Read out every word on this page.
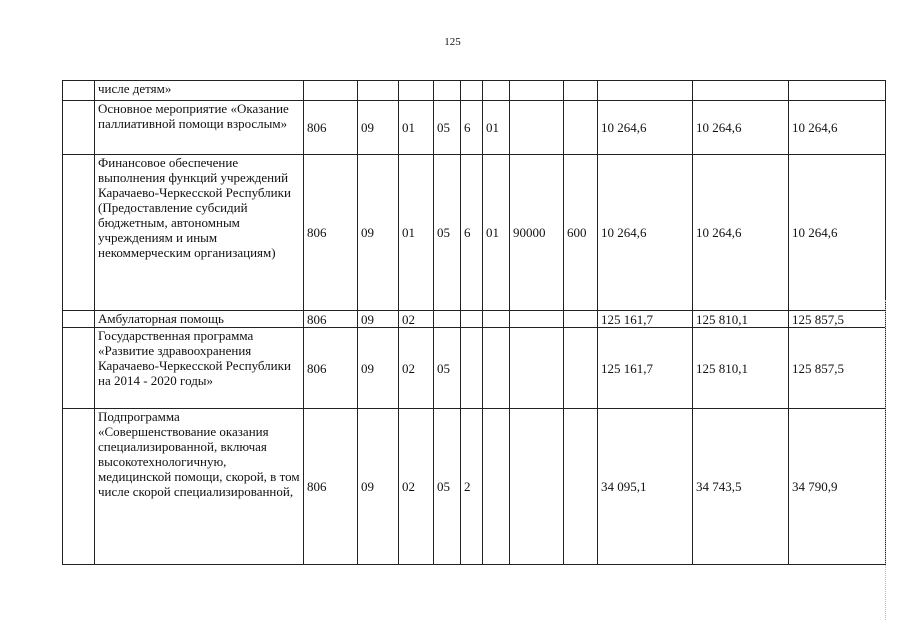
125
	числе детям»											
	Основное мероприятие «Оказание паллиативной помощи взрослым»	806	09	01	05	6	01			10 264,6	10 264,6	10 264,6
	Финансовое обеспечение выполнения функций учреждений Карачаево-Черкесской Республики (Предоставление субсидий бюджетным, автономным учреждениям и иным некоммерческим организациям)	806	09	01	05	6	01	90000	600	10 264,6	10 264,6	10 264,6
	Амбулаторная помощь	806	09	02						125 161,7	125 810,1	125 857,5
	Государственная программа «Развитие здравоохранения Карачаево-Черкесской Республики на 2014 - 2020 годы»	806	09	02	05					125 161,7	125 810,1	125 857,5
	Подпрограмма «Совершенствование оказания специализированной, включая высокотехнологичную, медицинской помощи, скорой, в том числе скорой специализированной,	806	09	02	05	2				34 095,1	34 743,5	34 790,9
